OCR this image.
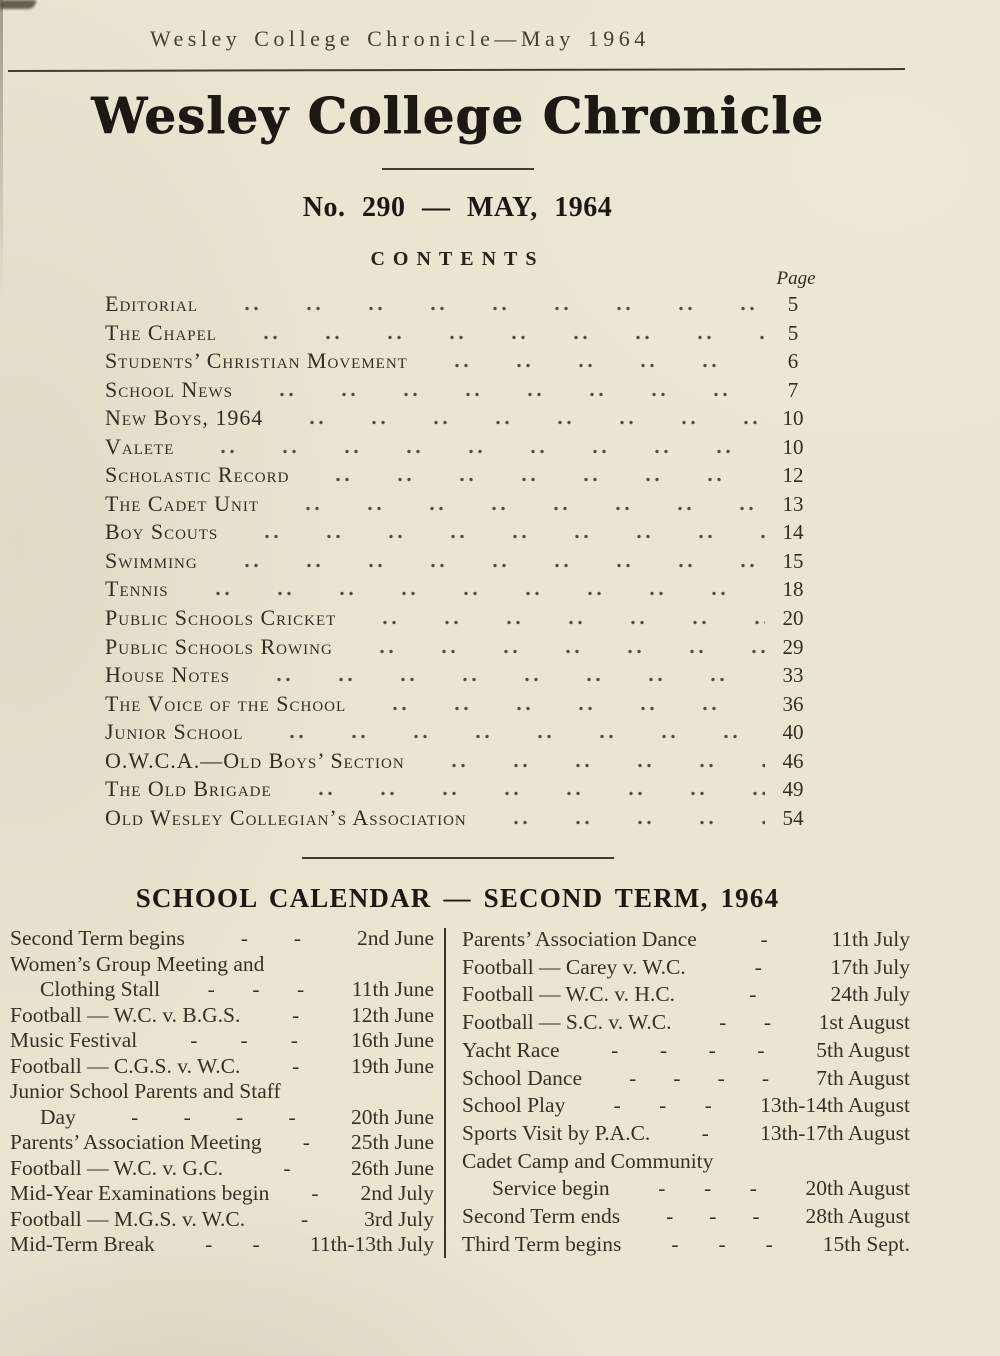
Wesley College Chronicle—May 1964
Wesley College Chronicle
No. 290 — MAY, 1964
CONTENTS
Page
Editorial	5
The Chapel	5
Students’ Christian Movement	6
School News	7
New Boys, 1964	10
Valete	10
Scholastic Record	12
The Cadet Unit	13
Boy Scouts	14
Swimming	15
Tennis	18
Public Schools Cricket	20
Public Schools Rowing	29
House Notes	33
The Voice of the School	36
Junior School	40
O.W.C.A.—Old Boys’ Section	46
The Old Brigade	49
Old Wesley Collegian’s Association	54
SCHOOL CALENDAR — SECOND TERM, 1964
Second Term begins	- -	2nd June
Women’s Group Meeting and
Clothing Stall - - - 11th June
Football — W.C. v. B.G.S. - 12th June
Music Festival - - - 16th June
Football — C.G.S. v. W.C. - 19th June
Junior School Parents and Staff
Day	- - - -	20th June
Parents’ Association Meeting - 25th June
Football — W.C. v. G.C.	-	26th June
Mid-Year Examinations begin - 2nd July
Football — M.G.S. v. W.C.	-	3rd July
Mid-Term Break - - 11th-13th July
Parents’ Association Dance	-	11th July
Football — Carey v. W.C.	-	17th July
Football — W.C. v. H.C.	-	24th July
Football — S.C. v. W.C. - - 1st August
Yacht Race - - - - 5th August
School Dance - - - - 7th August
School Play - - - 13th-14th August
Sports Visit by P.A.C. - 13th-17th August
Cadet Camp and Community
Service begin - - - 20th August
Second Term ends - - - 28th August
Third Term begins - - - 15th Sept.
